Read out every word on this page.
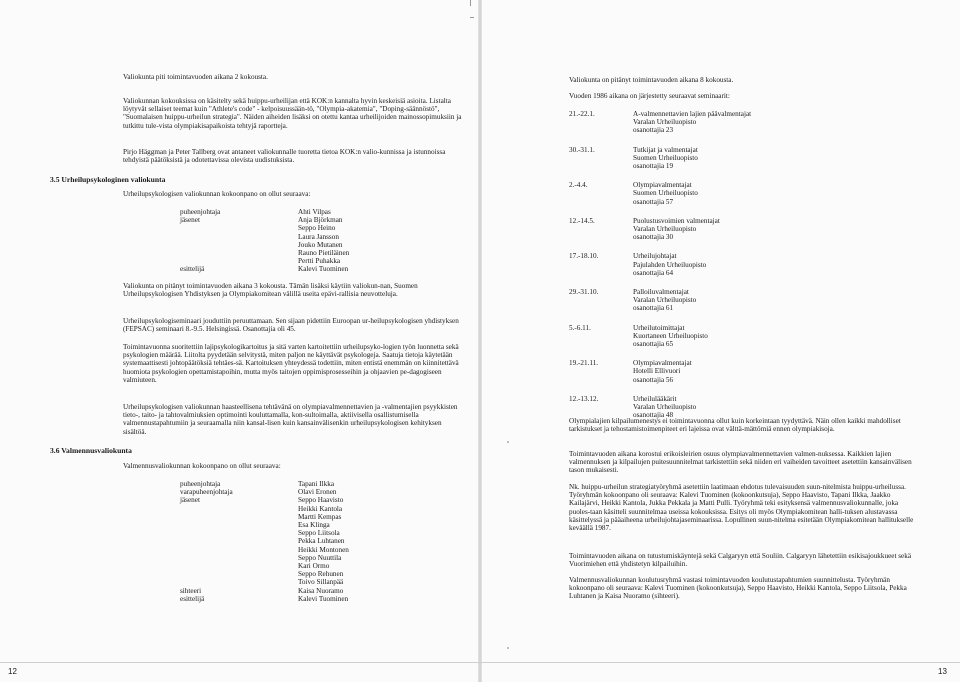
Valiokunta piti toimintavuoden aikana 2 kokousta.

Valiokunnan kokouksissa on käsitelty sekä huippu-urheilijan että KOK:n kannalta hyvin keskeisiä asioita. Listalta löytyvät sellaiset teemat kuin "Athlete's code" - kelpoisuussään-tö, "Olympia-akatemia", "Doping-säännöstö", "Suomalaisen huippu-urheilun strategia". Näiden aiheiden lisäksi on otettu kantaa urheilijoiden mainossopimuksiin ja tutkittu tule-vista olympiakisapaikoista tehtyjä raportteja.

Pirjo Häggman ja Peter Tallberg ovat antaneet valiokunnalle tuoretta tietoa KOK:n valio-kunnissa ja istunnoissa tehdyistä päätöksistä ja odotettavissa olevista uudistuksista.

3.5 Urheilupsykologinen valiokunta

Urheilupsykologisen valiokunnan kokoonpano on ollut seuraava:

puheenjohtaja	Ahti Vilpas
jäsenet	Anja Björkman
Seppo Heino
Laura Jansson
Jouko Mutanen
Rauno Pietiläinen
Pertti Puhakka
esittelijä	Kalevi Tuominen

Valiokunta on pitänyt toimintavuoden aikana 3 kokousta. Tämän lisäksi käytiin valiokun-nan, Suomen Urheilupsykologisen Yhdistyksen ja Olympiakomitean välillä useita epävi-rallisia neuvotteluja.

Urheilupsykologiseminaari jouduttiin peruuttamaan. Sen sijaan pidettiin Euroopan ur-heilupsykologisen yhdistyksen (FEPSAC) seminaari 8.-9.5. Helsingissä. Osanottajia oli 45.

Toimintavuonna suoritettiin lajipsykologikartoitus ja sitä varten kartoitettiin urheilupsyko-logien työn luonnetta sekä psykologien määrää. Liitolta pyydetään selvitystä, miten paljon ne käyttävät psykologeja. Saatuja tietoja käytetään systemaattisesti johtopäätöksiä tehtäes-sä. Kartoituksen yhteydessä todettiin, miten entistä enemmän on kiinnitettävä huomiota psykologien opettamistapoihin, mutta myös taitojen oppimisprosesseihin ja ohjaavien pe-dagogiseen valmiuteen.

Urheilupsykologisen valiokunnan haasteellisena tehtävänä on olympiavalmennettavien ja -valmentajien psyykkisten tieto-, taito- ja tahtovalmiuksien optimointi kouluttamalla, kon-sultoimalla, aktiivisella osallistumisella valmennustapahtumiin ja seuraamalla niin kansal-lisen kuin kansainvälisenkin urheilupsykologisen kehityksen sisältöä.

3.6 Valmennusvaliokunta

Valmennusvaliokunnan kokoonpano on ollut seuraava:

puheenjohtaja	Tapani Ilkka
varapuheenjohtaja	Olavi Eronen
jäsenet	Seppo Haavisto
Heikki Kantola
Martti Kempas
Esa Klinga
Seppo Liitsola
Pekka Luhtanen
Heikki Montonen
Seppo Nuuttila
Kari Ormo
Seppo Rehunen
Toivo Sillanpää
sihteeri	Kaisa Nuoramo
esittelijä	Kalevi Tuominen
12

Valiokunta on pitänyt toimintavuoden aikana 8 kokousta.

Vuoden 1986 aikana on järjestetty seuraavat seminaarit:

21.-22.1.	A-valmennettavien lajien päävalmentajat
Varalan Urheiluopisto
osanottajia 23
30.-31.1.	Tutkijat ja valmentajat
Suomen Urheiluopisto
osanottajia 19
2.-4.4.	Olympiavalmentajat
Suomen Urheiluopisto
osanottajia 57
12.-14.5.	Puolustusvoimien valmentajat
Varalan Urheiluopisto
osanottajia 30
17.-18.10.	Urheilujohtajat
Pajulahden Urheiluopisto
osanottajia 64
29.-31.10.	Palloiluvalmentajat
Varalan Urheiluopisto
osanottajia 61
5.-6.11.	Urheilutoimittajat
Kuortaneen Urheiluopisto
osanottajia 65
19.-21.11.	Olympiavalmentajat
Hotelli Ellivuori
osanottajia 56
12.-13.12.	Urheilulääkärit
Varalan Urheiluopisto
osanottajia 48

Olympialajien kilpailumenestys ei toimintavuonna ollut kuin korkeintaan tyydyttävä. Näin ollen kaikki mahdolliset tarkistukset ja tehostamistoimenpiteet eri lajeissa ovat välttä-mättömiä ennen olympiakisoja.

Toimintavuoden aikana korostui erikoisleirien osuus olympiavalmennettavien valmen-nuksessa. Kaikkien lajien valmennuksen ja kilpailujen puitesuunnitelmat tarkistettiin sekä niiden eri vaiheiden tavoitteet asetettiin kansainvälisen tason mukaisesti.

Nk. huippu-urheilun strategiatyöryhmä asetettiin laatimaan ehdotus tulevaisuuden suun-nitelmista huippu-urheilussa. Työryhmän kokoonpano oli seuraava: Kalevi Tuominen (kokoonkutsuja), Seppo Haavisto, Tapani Ilkka, Jaakko Kailajärvi, Heikki Kantola, Jukka Pekkala ja Matti Pulli. Työryhmä teki esityksensä valmennusvaliokunnalle, joka puoles-taan käsitteli suunnitelmaa useissa kokouksissa. Esitys oli myös Olympiakomitean halli-tuksen alustavassa käsittelyssä ja pääaiheena urheilujohtajaseminaarissa. Lopullinen suun-nitelma esitetään Olympiakomitean hallitukselle keväällä 1987.

Toimintavuoden aikana on tutustumiskäyntejä sekä Calgaryyn että Souliin. Calgaryyn lähetettiin esikisajoukkueet sekä Vuorimiehen että yhdistetyn kilpailuihin.

Valmennusvaliokunnan koulutusryhmä vastasi toimintavuoden koulutustapahtumien suunnittelusta. Työryhmän kokoonpano oli seuraava: Kalevi Tuominen (kokoonkutsuja), Seppo Haavisto, Heikki Kantola, Seppo Liitsola, Pekka Luhtanen ja Kaisa Nuoramo (sihteeri).

13
